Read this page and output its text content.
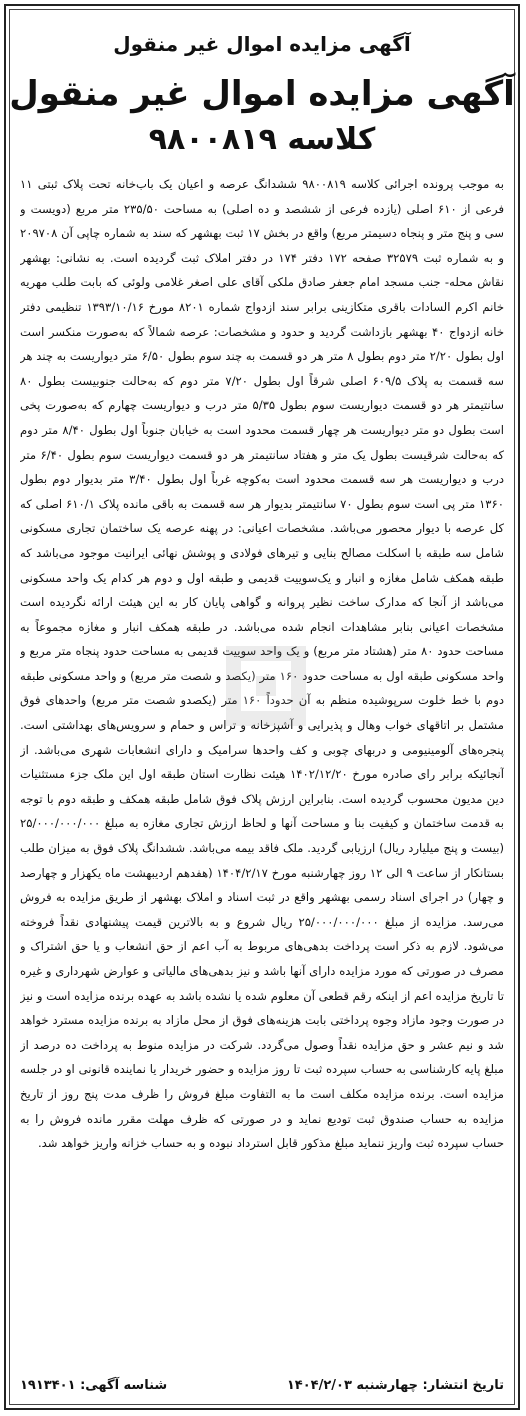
آگهی مزایده اموال غیر منقول
آگهی مزایده اموال غیر منقول
کلاسه ۹۸۰۰۸۱۹
به موجب پرونده اجرائی کلاسه ۹۸۰۰۸۱۹ ششدانگ عرصه و اعیان یک باب‌خانه تحت پلاک ثبتی ۱۱ فرعی از ۶۱۰ اصلی (یازده فرعی از ششصد و ده اصلی) به مساحت ۲۳۵/۵۰ متر مربع (دویست و سی و پنج متر و پنجاه دسیمتر مربع) واقع در بخش ۱۷ ثبت بهشهر که سند به شماره چاپی آن ۲۰۹۷۰۸ و به شماره ثبت ۳۲۵۷۹ صفحه ۱۷۲ دفتر ۱۷۴ در دفتر املاک ثبت گردیده است. به نشانی: بهشهر نقاش محله- جنب مسجد امام جعفر صادق ملکی آقای علی اصغر غلامی ولوئی که بابت طلب مهریه خانم اکرم السادات باقری متکازینی برابر سند ازدواج شماره ۸۲۰۱ مورخ ۱۳۹۳/۱۰/۱۶ تنظیمی دفتر خانه ازدواج ۴۰ بهشهر بازداشت گردید و حدود و مشخصات: عرصه شمالاً که به‌صورت منکسر است اول بطول ۲/۲۰ متر دوم بطول ۸ متر هر دو قسمت به چند سوم بطول ۶/۵۰ متر دیواریست به چند هر سه قسمت به پلاک ۶۰۹/۵ اصلی شرقاً اول بطول ۷/۲۰ متر دوم که به‌حالت جنوبیست بطول ۸۰ سانتیمتر هر دو قسمت دیواریست سوم بطول ۵/۳۵ متر درب و دیواریست چهارم که به‌صورت پخی است بطول دو متر دیواریست هر چهار قسمت محدود است به خیابان جنوباً اول بطول ۸/۴۰ متر دوم که به‌حالت شرقیست بطول یک متر و هفتاد سانتیمتر هر دو قسمت دیواریست سوم بطول ۶/۴۰ متر درب و دیواریست هر سه قسمت محدود است به‌کوچه غرباً اول بطول ۳/۴۰ متر بدیوار دوم بطول ۱۳۶۰ متر پی است سوم بطول ۷۰ سانتیمتر بدیوار هر سه قسمت به باقی مانده پلاک ۶۱۰/۱ اصلی که کل عرصه با دیوار محصور می‌باشد. مشخصات اعیانی: در پهنه عرصه یک ساختمان تجاری مسکونی شامل سه طبقه با اسکلت مصالح بنایی و تیرهای فولادی و پوشش نهائی ایرانیت موجود می‌باشد که طبقه همکف شامل مغازه و انبار و یک‌سوییت قدیمی و طبقه اول و دوم هر کدام یک واحد مسکونی می‌باشد از آنجا که مدارک ساخت نظیر پروانه و گواهی پایان کار به این هیئت ارائه نگردیده است مشخصات اعیانی بنابر مشاهدات انجام شده می‌باشد. در طبقه همکف انبار و مغازه مجموعاً به مساحت حدود ۸۰ متر (هشتاد متر مربع) و یک واحد سوییت قدیمی به مساحت حدود پنجاه متر مربع و واحد مسکونی طبقه اول به مساحت حدود ۱۶۰ متر (یکصد و شصت متر مربع) و واحد مسکونی طبقه دوم با خط خلوت سرپوشیده منظم به آن حدوداً ۱۶۰ متر (یکصدو شصت متر مربع) واحدهای فوق مشتمل بر اتاقهای خواب وهال و پذیرایی و آشپزخانه و تراس و حمام و سرویس‌های بهداشتی است. پنجره‌های آلومینیومی و دربهای چوبی و کف واحدها سرامیک و دارای انشعابات شهری می‌باشد. از آنجائیکه برابر رای صادره مورخ ۱۴۰۲/۱۲/۲۰ هیئت نظارت استان طبقه اول این ملک جزء مستثنیات دین مدیون محسوب گردیده است. بنابراین ارزش پلاک فوق شامل طبقه همکف و طبقه دوم با توجه به قدمت ساختمان و کیفیت بنا و مساحت آنها و لحاظ ارزش تجاری مغازه به مبلغ ۲۵/۰۰۰/۰۰۰/۰۰۰ (بیست و پنج میلیارد ریال) ارزیابی گردید. ملک فاقد بیمه می‌باشد. ششدانگ پلاک فوق به میزان طلب بستانکار از ساعت ۹ الی ۱۲ روز چهارشنبه مورخ ۱۴۰۴/۲/۱۷ (هفدهم اردیبهشت ماه یکهزار و چهارصد و چهار) در اجرای اسناد رسمی بهشهر واقع در ثبت اسناد و املاک بهشهر از طریق مزایده به فروش می‌رسد. مزایده از مبلغ ۲۵/۰۰۰/۰۰۰/۰۰۰ ریال شروع و به بالاترین قیمت پیشنهادی نقداً فروخته می‌شود. لازم به ذکر است پرداخت بدهی‌های مربوط به آب اعم از حق انشعاب و یا حق اشتراک و مصرف در صورتی که مورد مزایده دارای آنها باشد و نیز بدهی‌های مالیاتی و عوارض شهرداری و غیره تا تاریخ مزایده اعم از اینکه رقم قطعی آن معلوم شده یا نشده باشد به عهده برنده مزایده است و نیز در صورت وجود مازاد وجوه پرداختی بابت هزینه‌های فوق از محل مازاد به برنده مزایده مسترد خواهد شد و نیم عشر و حق مزایده نقداً وصول می‌گردد. شرکت در مزایده منوط به پرداخت ده درصد از مبلغ پایه کارشناسی به حساب سپرده ثبت تا روز مزایده و حضور خریدار یا نماینده قانونی او در جلسه مزایده است. برنده مزایده مکلف است ما به التفاوت مبلغ فروش را ظرف مدت پنج روز از تاریخ مزایده به حساب صندوق ثبت تودیع نماید و در صورتی که ظرف مهلت مقرر مانده فروش را به حساب سپرده ثبت واریز ننماید مبلغ مذکور قابل استرداد نبوده و به حساب خزانه واریز خواهد شد.
تاریخ انتشار: چهارشنبه ۱۴۰۴/۲/۰۳
شناسه آگهی: ۱۹۱۳۴۰۱
